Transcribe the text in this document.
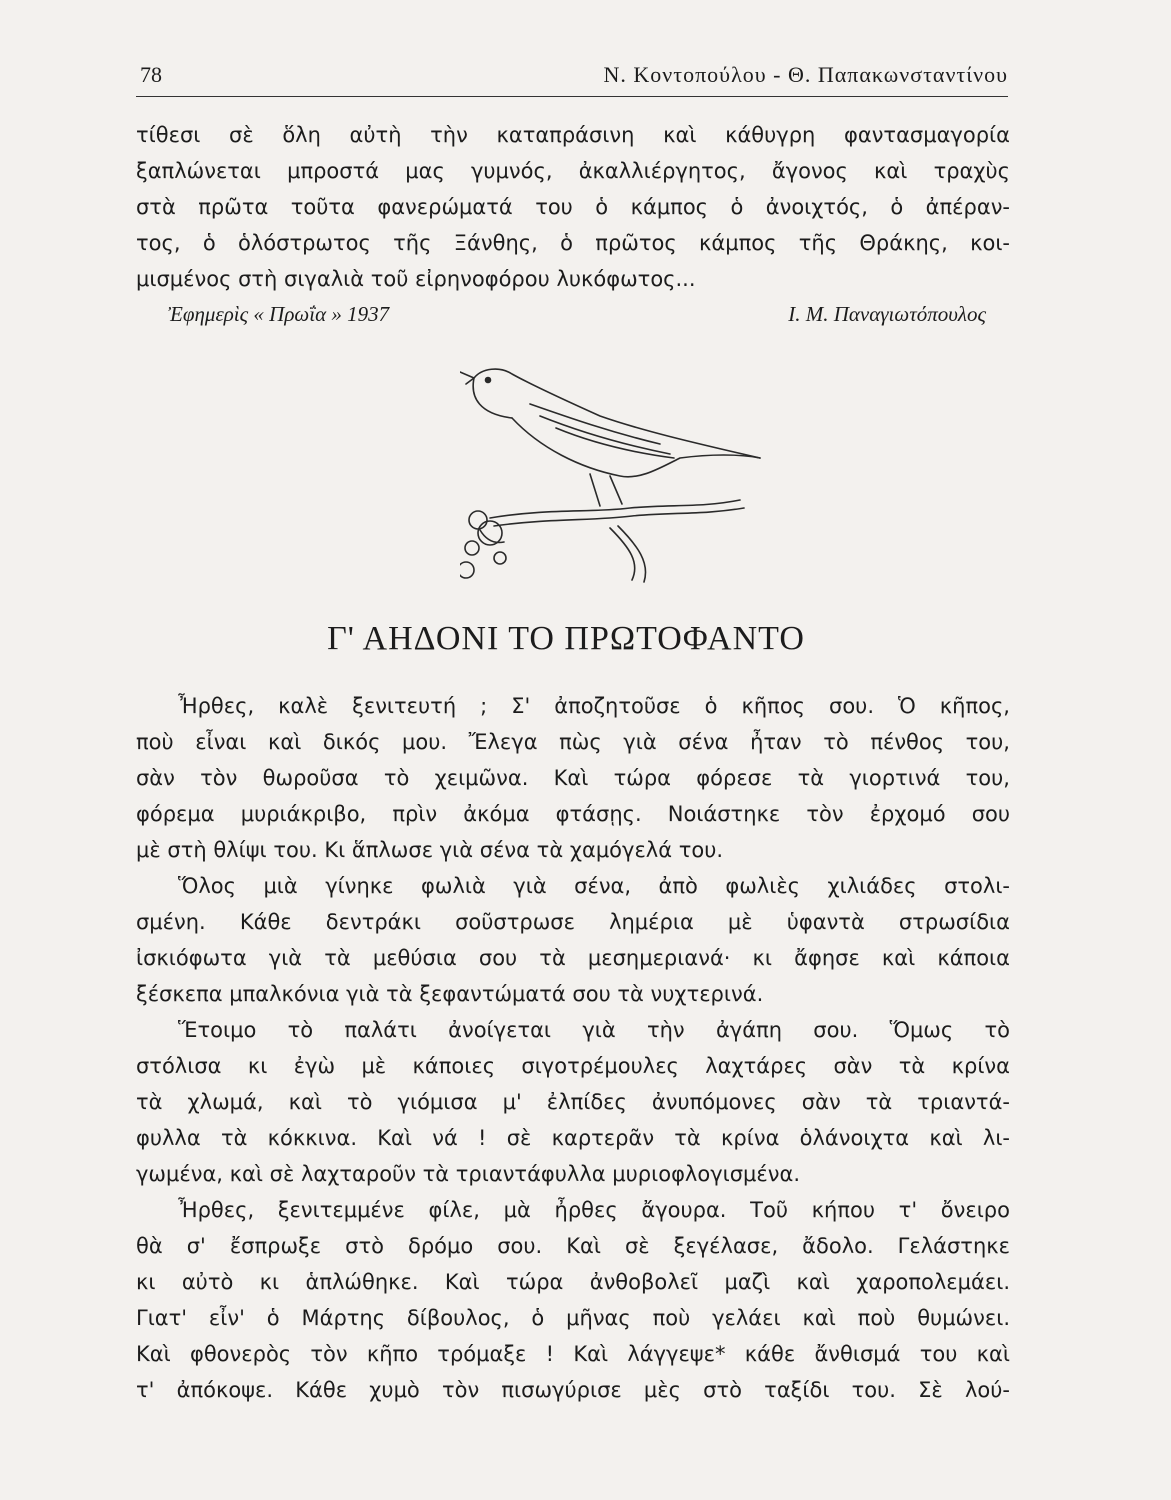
78	Ν. Κοντοπούλου - Θ. Παπακωνσταντίνου
τίθεσι σὲ ὅλη αὐτὴ τὴν καταπράσινη καὶ κάθυγρη φαντασμαγορία
ξαπλώνεται μπροστά μας γυμνός, ἀκαλλιέργητος, ἄγονος καὶ τραχὺς
στὰ πρῶτα τοῦτα φανερώματά του ὁ κάμπος ὁ ἀνοιχτός, ὁ ἀπέραν-
τος, ὁ ὁλόστρωτος τῆς Ξάνθης, ὁ πρῶτος κάμπος τῆς Θράκης, κοι-
μισμένος στὴ σιγαλιὰ τοῦ εἰρηνοφόρου λυκόφωτος...
Ἐφημερὶς « Πρωΐα » 1937	Ι. Μ. Παναγιωτόπουλος
Γ' ΑΗΔΟΝΙ ΤΟ ΠΡΩΤΟΦΑΝΤΟ
Ἦρθες, καλὲ ξενιτευτή ; Σ' ἀποζητοῦσε ὁ κῆπος σου. Ὁ κῆπος,
ποὺ εἶναι καὶ δικός μου. Ἔλεγα πὼς γιὰ σένα ἦταν τὸ πένθος του,
σὰν τὸν θωροῦσα τὸ χειμῶνα. Καὶ τώρα φόρεσε τὰ γιορτινά του,
φόρεμα μυριάκριβο, πρὶν ἀκόμα φτάσῃς. Νοιάστηκε τὸν ἐρχομό σου
μὲ στὴ θλίψι του. Κι ἅπλωσε γιὰ σένα τὰ χαμόγελά του.
Ὅλος μιὰ γίνηκε φωλιὰ γιὰ σένα, ἀπὸ φωλιὲς χιλιάδες στολι-
σμένη. Κάθε δεντράκι σοῦστρωσε λημέρια μὲ ὑφαντὰ στρωσίδια
ἰσκιόφωτα γιὰ τὰ μεθύσια σου τὰ μεσημεριανά· κι ἄφησε καὶ κάποια
ξέσκεπα μπαλκόνια γιὰ τὰ ξεφαντώματά σου τὰ νυχτερινά.
Ἕτοιμο τὸ παλάτι ἀνοίγεται γιὰ τὴν ἀγάπη σου. Ὅμως τὸ
στόλισα κι ἐγὼ μὲ κάποιες σιγοτρέμουλες λαχτάρες σὰν τὰ κρίνα
τὰ χλωμά, καὶ τὸ γιόμισα μ' ἐλπίδες ἀνυπόμονες σὰν τὰ τριαντά-
φυλλα τὰ κόκκινα. Καὶ νά ! σὲ καρτερᾶν τὰ κρίνα ὁλάνοιχτα καὶ λι-
γωμένα, καὶ σὲ λαχταροῦν τὰ τριαντάφυλλα μυριοφλογισμένα.
Ἦρθες, ξενιτεμμένε φίλε, μὰ ἦρθες ἄγουρα. Τοῦ κήπου τ' ὄνειρο
θὰ σ' ἔσπρωξε στὸ δρόμο σου. Καὶ σὲ ξεγέλασε, ἄδολο. Γελάστηκε
κι αὐτὸ κι ἁπλώθηκε. Καὶ τώρα ἀνθοβολεῖ μαζὶ καὶ χαροπολεμάει.
Γιατ' εἶν' ὁ Μάρτης δίβουλος, ὁ μῆνας ποὺ γελάει καὶ ποὺ θυμώνει.
Καὶ φθονερὸς τὸν κῆπο τρόμαξε ! Καὶ λάγγεψε* κάθε ἄνθισμά του καὶ
τ' ἀπόκοψε. Κάθε χυμὸ τὸν πισωγύρισε μὲς στὸ ταξίδι του. Σὲ λού-
